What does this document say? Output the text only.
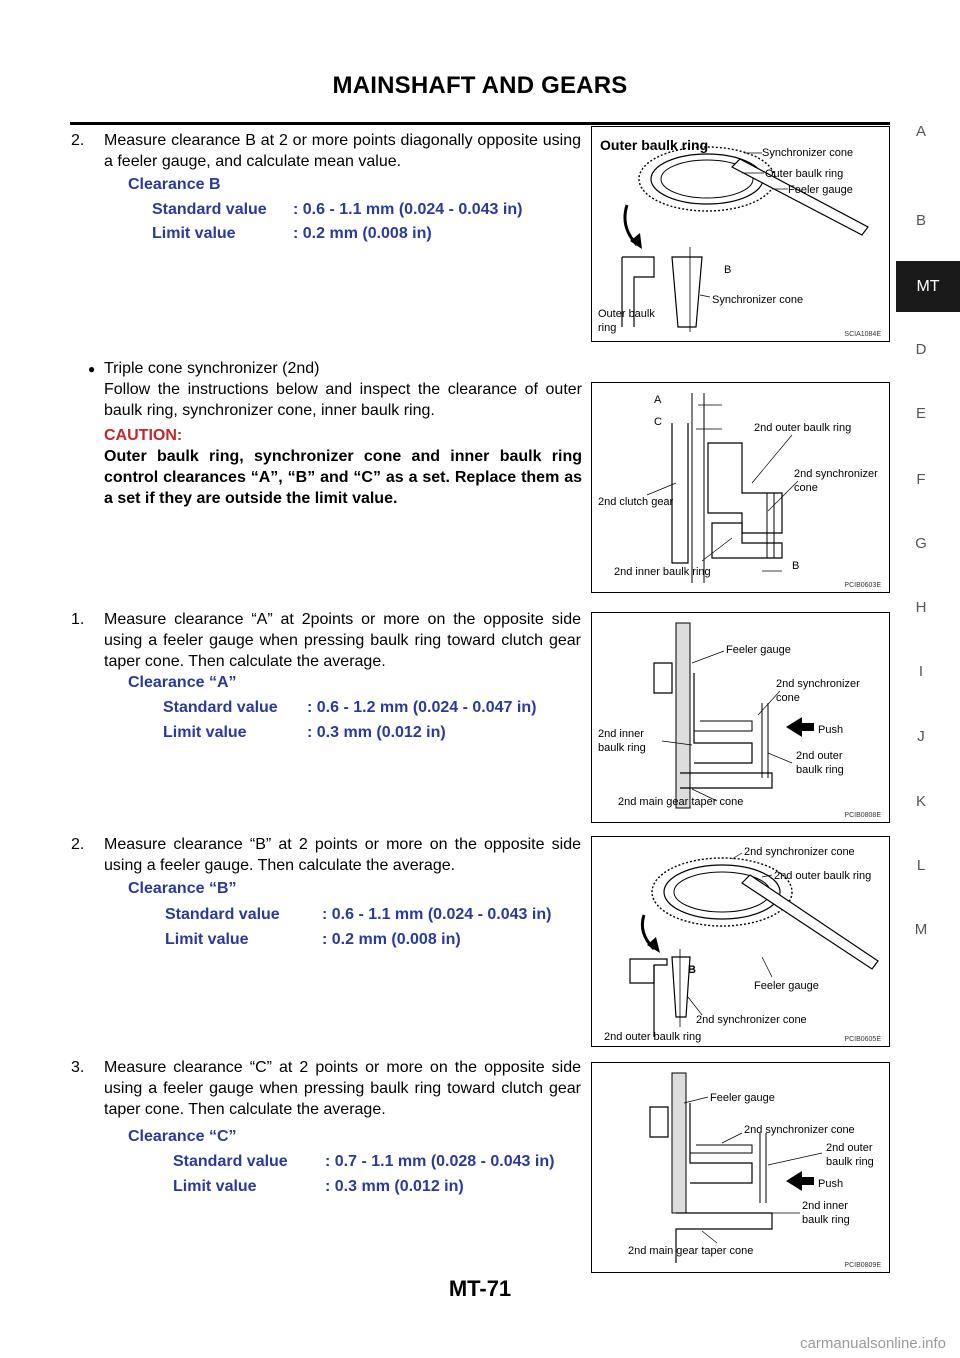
MAINSHAFT AND GEARS
A
B
MT
D
E
F
G
H
I
J
K
L
M
2. Measure clearance B at 2 or more points diagonally opposite using a feeler gauge, and calculate mean value.
Clearance B
Standard value : 0.6 - 1.1 mm (0.024 - 0.043 in)
Limit value	: 0.2 mm (0.008 in)
Outer baulk ring	Synchronizer cone
Outer baulk ring
Feeler gauge
B
Synchronizer cone
Outer baulk
ring
SCIA1084E
● Triple cone synchronizer (2nd)
Follow the instructions below and inspect the clearance of outer baulk ring, synchronizer cone, inner baulk ring.
CAUTION:
Outer baulk ring, synchronizer cone and inner baulk ring control clearances “A”, “B” and “C” as a set. Replace them as a set if they are outside the limit value.
A
C	2nd outer baulk ring
2nd synchronizer
cone
2nd clutch gear
2nd inner baulk ring	B
PCIB0603E
1. Measure clearance “A” at 2points or more on the opposite side using a feeler gauge when pressing baulk ring toward clutch gear taper cone. Then calculate the average.
Clearance “A”
Standard value : 0.6 - 1.2 mm (0.024 - 0.047 in)
Limit value	: 0.3 mm (0.012 in)
Feeler gauge
2nd synchronizer
cone
Push
2nd inner
baulk ring
2nd outer
baulk ring
2nd main gear taper cone
PCIB0808E
2. Measure clearance “B” at 2 points or more on the opposite side using a feeler gauge. Then calculate the average.
Clearance “B”
Standard value	: 0.6 - 1.1 mm (0.024 - 0.043 in)
Limit value	: 0.2 mm (0.008 in)
2nd synchronizer cone
2nd outer baulk ring
B
Feeler gauge
2nd synchronizer cone
2nd outer baulk ring	PCIB0605E
3. Measure clearance “C” at 2 points or more on the opposite side using a feeler gauge when pressing baulk ring toward clutch gear taper cone. Then calculate the average.
Clearance “C”
Standard value : 0.7 - 1.1 mm (0.028 - 0.043 in)
Limit value	: 0.3 mm (0.012 in)
Feeler gauge
2nd synchronizer cone
2nd outer
baulk ring
Push
2nd inner
baulk ring
2nd main gear taper cone
PCIB0809E
MT-71
carmanualsonline.info
